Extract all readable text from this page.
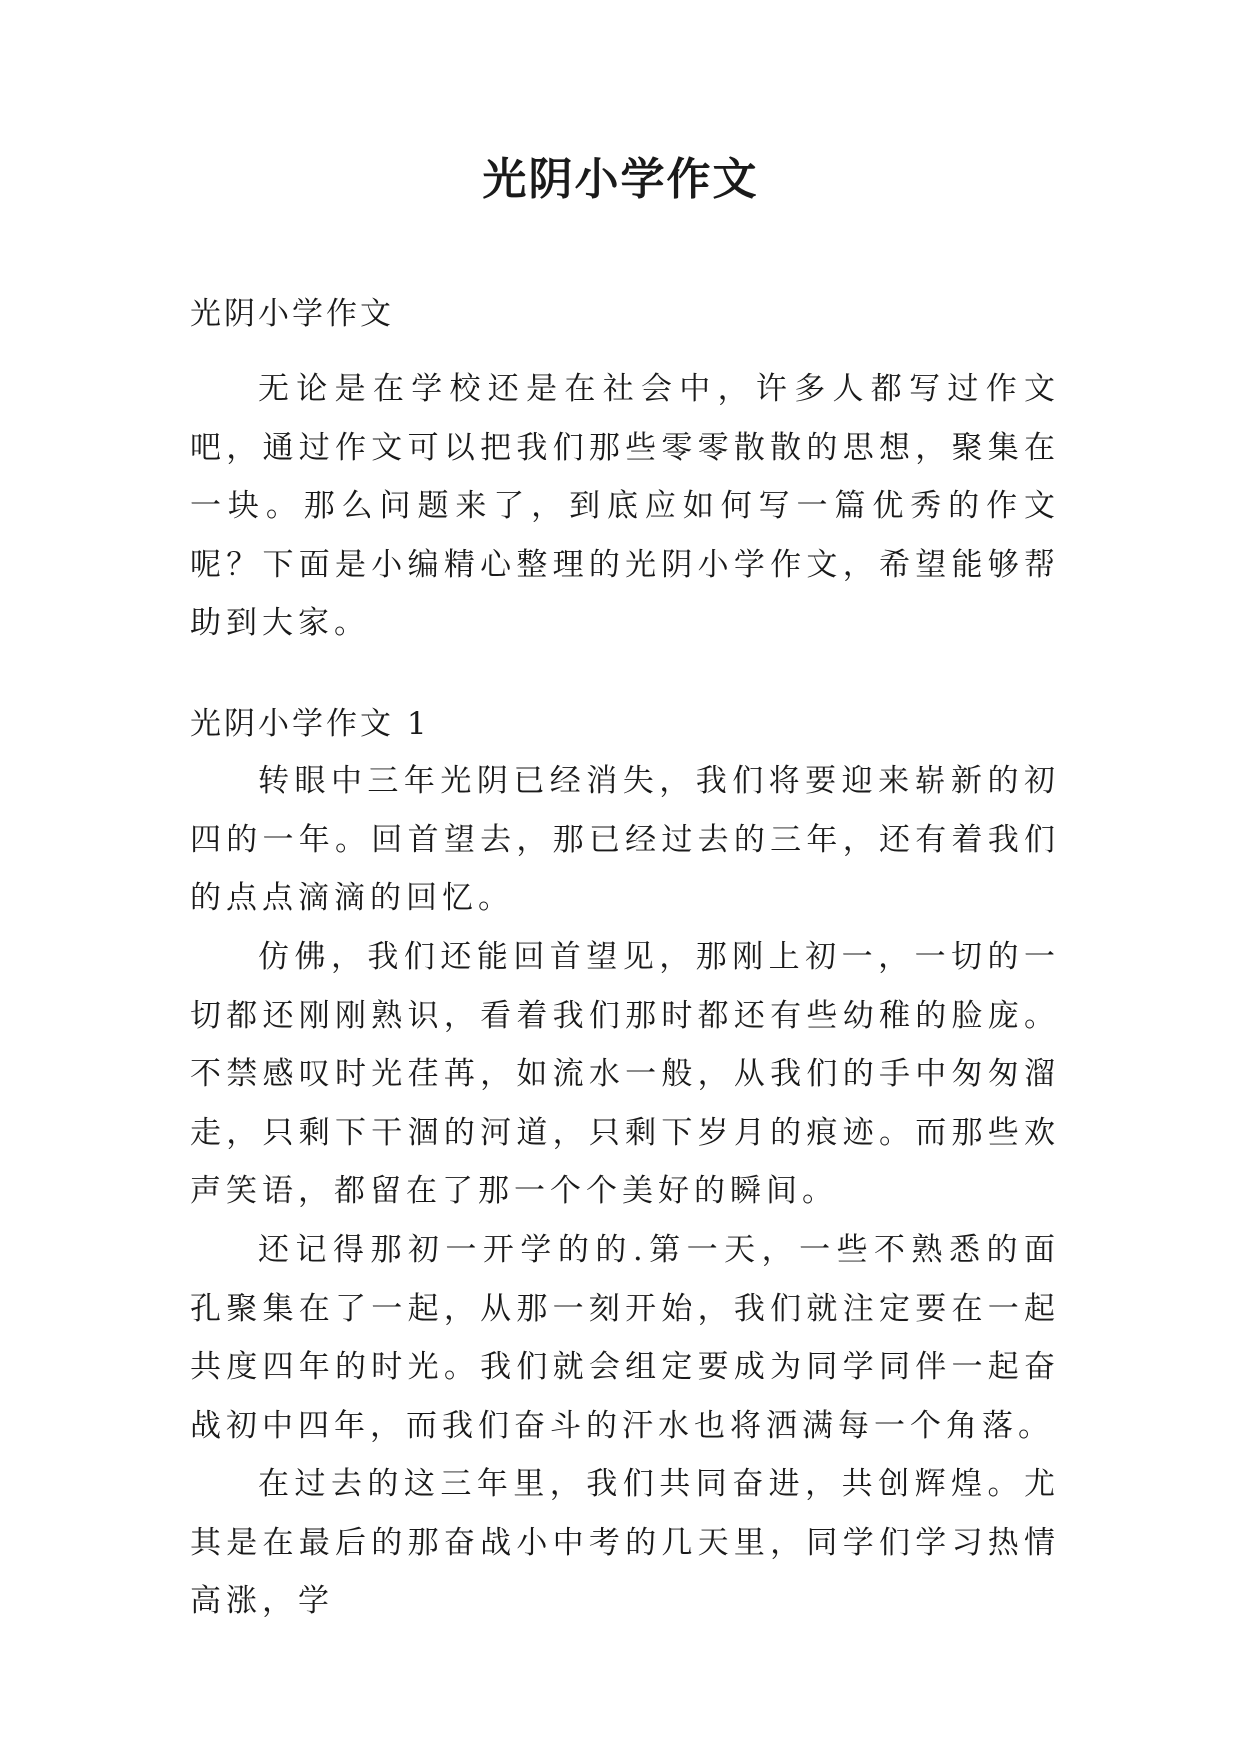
光阴小学作文

光阴小学作文

无论是在学校还是在社会中，许多人都写过作文吧，通过作文可以把我们那些零零散散的思想，聚集在一块。那么问题来了，到底应如何写一篇优秀的作文呢？下面是小编精心整理的光阴小学作文，希望能够帮助到大家。

光阴小学作文 1

转眼中三年光阴已经消失，我们将要迎来崭新的初四的一年。回首望去，那已经过去的三年，还有着我们的点点滴滴的回忆。

仿佛，我们还能回首望见，那刚上初一，一切的一切都还刚刚熟识，看着我们那时都还有些幼稚的脸庞。不禁感叹时光荏苒，如流水一般，从我们的手中匆匆溜走，只剩下干涸的河道，只剩下岁月的痕迹。而那些欢声笑语，都留在了那一个个美好的瞬间。

还记得那初一开学的的.第一天，一些不熟悉的面孔聚集在了一起，从那一刻开始，我们就注定要在一起共度四年的时光。我们就会组定要成为同学同伴一起奋战初中四年，而我们奋斗的汗水也将洒满每一个角落。

在过去的这三年里，我们共同奋进，共创辉煌。尤其是在最后的那奋战小中考的几天里，同学们学习热情高涨，学
